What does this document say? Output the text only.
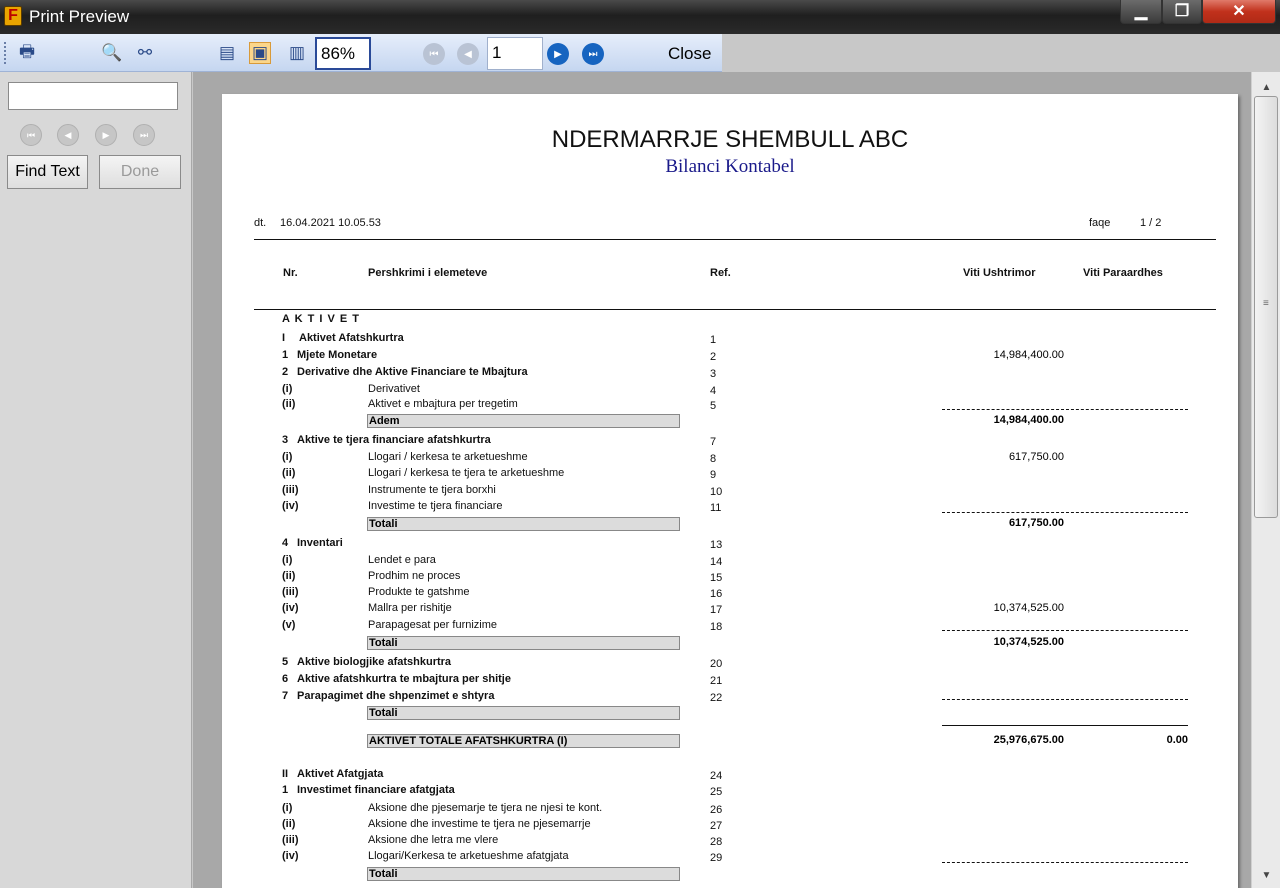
F Print Preview	▁	❐	✕
🖶	🔍 ⚯	▤ ▣ ▥ 86%	⏮	◀	1	▶	⏭	Close
⏮	◀	▶	⏭
Find Text	Done
NDERMARRJE SHEMBULL ABC
Bilanci Kontabel
dt. 16.04.2021 10.05.53	faqe	1 / 2
Nr.	Pershkrimi i elemeteve	Ref.	Viti Ushtrimor	Viti Paraardhes
A K T I V E T
I Aktivet Afatshkurtra	1
1 Mjete Monetare	2	14,984,400.00
2 Derivative dhe Aktive Financiare te Mbajtura	3
(i)	Derivativet	4
(ii)	Aktivet e mbajtura per tregetim	5
Adem	14,984,400.00
3 Aktive te tjera financiare afatshkurtra	7
(i)	Llogari / kerkesa te arketueshme	8	617,750.00
(ii)	Llogari / kerkesa te tjera te arketueshme	9
(iii)	Instrumente te tjera borxhi	10
(iv)	Investime te tjera financiare	11
Totali	617,750.00
4 Inventari	13
(i)	Lendet e para	14
(ii)	Prodhim ne proces	15
(iii)	Produkte te gatshme	16
(iv)	Mallra per rishitje	17	10,374,525.00
(v)	Parapagesat per furnizime	18
Totali	10,374,525.00
5 Aktive biologjike afatshkurtra	20
6 Aktive afatshkurtra te mbajtura per shitje	21
7 Parapagimet dhe shpenzimet e shtyra	22
Totali
AKTIVET TOTALE AFATSHKURTRA (I)	25,976,675.00	0.00
II Aktivet Afatgjata	24
1 Investimet financiare afatgjata	25
(i)	Aksione dhe pjesemarje te tjera ne njesi te kont.	26
(ii)	Aksione dhe investime te tjera ne pjesemarrje	27
(iii)	Aksione dhe letra me vlere	28
(iv)	Llogari/Kerkesa te arketueshme afatgjata	29
Totali
▲
≡
▼
